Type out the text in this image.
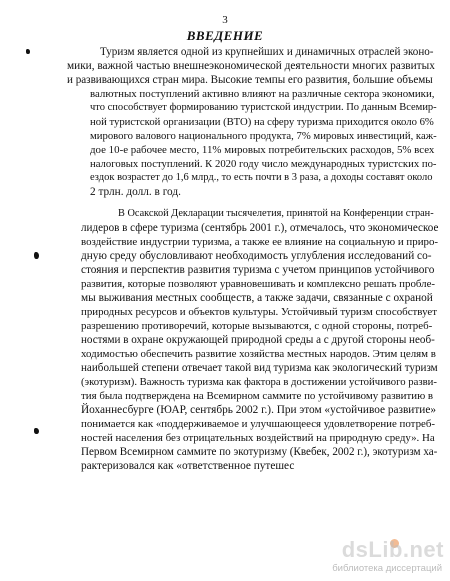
3
ВВЕДЕНИЕ
Туризм является одной из крупнейших и динамичных отраслей эконо-
мики, важной частью внешнеэкономической деятельности многих развитых
и развивающихся стран мира. Высокие темпы его развития, большие объемы
валютных поступлений активно влияют на различные сектора экономики,
что способствует формированию туристской индустрии. По данным Всемир-
ной туристской организации (ВТО) на сферу туризма приходится около 6%
мирового валового национального продукта, 7% мировых инвестиций, каж-
дое 10-е рабочее место, 11% мировых потребительских расходов, 5% всех
налоговых поступлений. К 2020 году число международных туристских по-
ездок возрастет до 1,6 млрд., то есть почти в 3 раза, а доходы составят около
2 трлн. долл. в год.
В Осакской Декларации тысячелетия, принятой на Конференции стран-
лидеров в сфере туризма (сентябрь 2001 г.), отмечалось, что экономическое
воздействие индустрии туризма, а также ее влияние на социальную и приро-
дную среду обусловливают необходимость углубления исследований со-
стояния и перспектив развития туризма с учетом принципов устойчивого
развития, которые позволяют уравновешивать и комплексно решать пробле-
мы выживания местных сообществ, а также задачи, связанные с охраной
природных ресурсов и объектов культуры. Устойчивый туризм способствует
разрешению противоречий, которые вызываются, с одной стороны, потреб-
ностями в охране окружающей природной среды а с другой стороны необ-
ходимостью обеспечить развитие хозяйства местных народов. Этим целям в
наибольшей степени отвечает такой вид туризма как экологический туризм
(экотуризм). Важность туризма как фактора в достижении устойчивого разви-
тия была подтверждена на Всемирном саммите по устойчивому развитию в
Йоханнесбурге (ЮАР, сентябрь 2002 г.). При этом «устойчивое развитие»
понимается как «поддерживаемое и улучшающееся удовлетворение потреб-
ностей населения без отрицательных воздействий на природную среду». На
Первом Всемирном саммите по экотуризму (Квебек, 2002 г.), экотуризм ха-
рактеризовался как «ответственное путешес
dsLib.net
библиотека диссертаций
